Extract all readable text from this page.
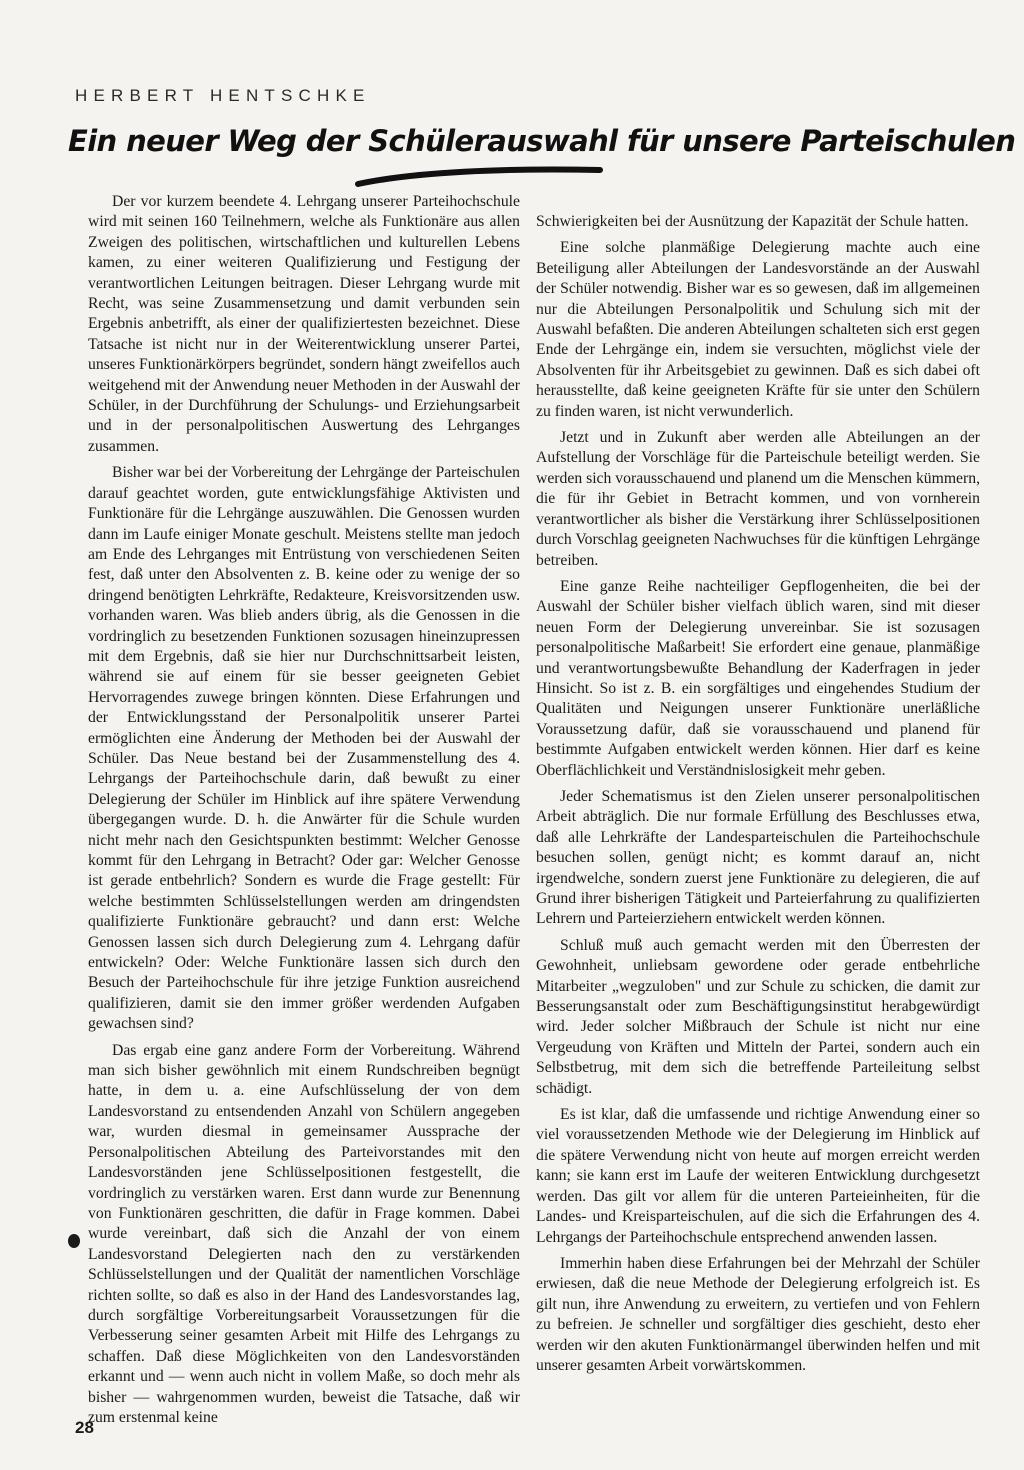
HERBERT HENTSCHKE
Ein neuer Weg der Schülerauswahl für unsere Parteischulen

Der vor kurzem beendete 4. Lehrgang unserer Parteihochschule wird mit seinen 160 Teilnehmern, welche als Funktionäre aus allen Zweigen des politischen, wirtschaftlichen und kulturellen Lebens kamen, zu einer weiteren Qualifizierung und Festigung der verantwortlichen Leitungen beitragen. Dieser Lehrgang wurde mit Recht, was seine Zusammensetzung und damit verbunden sein Ergebnis anbetrifft, als einer der qualifiziertesten bezeichnet. Diese Tatsache ist nicht nur in der Weiterentwicklung unserer Partei, unseres Funktionärkörpers begründet, sondern hängt zweifellos auch weitgehend mit der Anwendung neuer Methoden in der Auswahl der Schüler, in der Durchführung der Schulungs- und Erziehungsarbeit und in der personalpolitischen Auswertung des Lehrganges zusammen.

Bisher war bei der Vorbereitung der Lehrgänge der Parteischulen darauf geachtet worden, gute entwicklungsfähige Aktivisten und Funktionäre für die Lehrgänge auszuwählen. Die Genossen wurden dann im Laufe einiger Monate geschult. Meistens stellte man jedoch am Ende des Lehrganges mit Entrüstung von verschiedenen Seiten fest, daß unter den Absolventen z. B. keine oder zu wenige der so dringend benötigten Lehrkräfte, Redakteure, Kreisvorsitzenden usw. vorhanden waren. Was blieb anders übrig, als die Genossen in die vordringlich zu besetzenden Funktionen sozusagen hineinzupressen mit dem Ergebnis, daß sie hier nur Durchschnittsarbeit leisten, während sie auf einem für sie besser geeigneten Gebiet Hervorragendes zuwege bringen könnten. Diese Erfahrungen und der Entwicklungsstand der Personalpolitik unserer Partei ermöglichten eine Änderung der Methoden bei der Auswahl der Schüler. Das Neue bestand bei der Zusammenstellung des 4. Lehrgangs der Parteihochschule darin, daß bewußt zu einer Delegierung der Schüler im Hinblick auf ihre spätere Verwendung übergegangen wurde. D. h. die Anwärter für die Schule wurden nicht mehr nach den Gesichtspunkten bestimmt: Welcher Genosse kommt für den Lehrgang in Betracht? Oder gar: Welcher Genosse ist gerade entbehrlich? Sondern es wurde die Frage gestellt: Für welche bestimmten Schlüsselstellungen werden am dringendsten qualifizierte Funktionäre gebraucht? und dann erst: Welche Genossen lassen sich durch Delegierung zum 4. Lehrgang dafür entwickeln? Oder: Welche Funktionäre lassen sich durch den Besuch der Parteihochschule für ihre jetzige Funktion ausreichend qualifizieren, damit sie den immer größer werdenden Aufgaben gewachsen sind?

Das ergab eine ganz andere Form der Vorbereitung. Während man sich bisher gewöhnlich mit einem Rundschreiben begnügt hatte, in dem u. a. eine Aufschlüsselung der von dem Landesvorstand zu entsendenden Anzahl von Schülern angegeben war, wurden diesmal in gemeinsamer Aussprache der Personalpolitischen Abteilung des Parteivorstandes mit den Landesvorständen jene Schlüsselpositionen festgestellt, die vordringlich zu verstärken waren. Erst dann wurde zur Benennung von Funktionären geschritten, die dafür in Frage kommen. Dabei wurde vereinbart, daß sich die Anzahl der von einem Landesvorstand Delegierten nach den zu verstärkenden Schlüsselstellungen und der Qualität der namentlichen Vorschläge richten sollte, so daß es also in der Hand des Landesvorstandes lag, durch sorgfältige Vorbereitungsarbeit Voraussetzungen für die Verbesserung seiner gesamten Arbeit mit Hilfe des Lehrgangs zu schaffen. Daß diese Möglichkeiten von den Landesvorständen erkannt und — wenn auch nicht in vollem Maße, so doch mehr als bisher — wahrgenommen wurden, beweist die Tatsache, daß wir zum erstenmal keine

Schwierigkeiten bei der Ausnützung der Kapazität der Schule hatten.

Eine solche planmäßige Delegierung machte auch eine Beteiligung aller Abteilungen der Landesvorstände an der Auswahl der Schüler notwendig. Bisher war es so gewesen, daß im allgemeinen nur die Abteilungen Personalpolitik und Schulung sich mit der Auswahl befaßten. Die anderen Abteilungen schalteten sich erst gegen Ende der Lehrgänge ein, indem sie versuchten, möglichst viele der Absolventen für ihr Arbeitsgebiet zu gewinnen. Daß es sich dabei oft herausstellte, daß keine geeigneten Kräfte für sie unter den Schülern zu finden waren, ist nicht verwunderlich.

Jetzt und in Zukunft aber werden alle Abteilungen an der Aufstellung der Vorschläge für die Parteischule beteiligt werden. Sie werden sich vorausschauend und planend um die Menschen kümmern, die für ihr Gebiet in Betracht kommen, und von vornherein verantwortlicher als bisher die Verstärkung ihrer Schlüsselpositionen durch Vorschlag geeigneten Nachwuchses für die künftigen Lehrgänge betreiben.

Eine ganze Reihe nachteiliger Gepflogenheiten, die bei der Auswahl der Schüler bisher vielfach üblich waren, sind mit dieser neuen Form der Delegierung unvereinbar. Sie ist sozusagen personalpolitische Maßarbeit! Sie erfordert eine genaue, planmäßige und verantwortungsbewußte Behandlung der Kaderfragen in jeder Hinsicht. So ist z. B. ein sorgfältiges und eingehendes Studium der Qualitäten und Neigungen unserer Funktionäre unerläßliche Voraussetzung dafür, daß sie vorausschauend und planend für bestimmte Aufgaben entwickelt werden können. Hier darf es keine Oberflächlichkeit und Verständnislosigkeit mehr geben.

Jeder Schematismus ist den Zielen unserer personalpolitischen Arbeit abträglich. Die nur formale Erfüllung des Beschlusses etwa, daß alle Lehrkräfte der Landesparteischulen die Parteihochschule besuchen sollen, genügt nicht; es kommt darauf an, nicht irgendwelche, sondern zuerst jene Funktionäre zu delegieren, die auf Grund ihrer bisherigen Tätigkeit und Parteierfahrung zu qualifizierten Lehrern und Parteierziehern entwickelt werden können.

Schluß muß auch gemacht werden mit den Überresten der Gewohnheit, unliebsam gewordene oder gerade entbehrliche Mitarbeiter „wegzuloben" und zur Schule zu schicken, die damit zur Besserungsanstalt oder zum Beschäftigungsinstitut herabgewürdigt wird. Jeder solcher Mißbrauch der Schule ist nicht nur eine Vergeudung von Kräften und Mitteln der Partei, sondern auch ein Selbstbetrug, mit dem sich die betreffende Parteileitung selbst schädigt.

Es ist klar, daß die umfassende und richtige Anwendung einer so viel voraussetzenden Methode wie der Delegierung im Hinblick auf die spätere Verwendung nicht von heute auf morgen erreicht werden kann; sie kann erst im Laufe der weiteren Entwicklung durchgesetzt werden. Das gilt vor allem für die unteren Parteieinheiten, für die Landes- und Kreisparteischulen, auf die sich die Erfahrungen des 4. Lehrgangs der Parteihochschule entsprechend anwenden lassen.

Immerhin haben diese Erfahrungen bei der Mehrzahl der Schüler erwiesen, daß die neue Methode der Delegierung erfolgreich ist. Es gilt nun, ihre Anwendung zu erweitern, zu vertiefen und von Fehlern zu befreien. Je schneller und sorgfältiger dies geschieht, desto eher werden wir den akuten Funktionärmangel überwinden helfen und mit unserer gesamten Arbeit vorwärtskommen.

28
